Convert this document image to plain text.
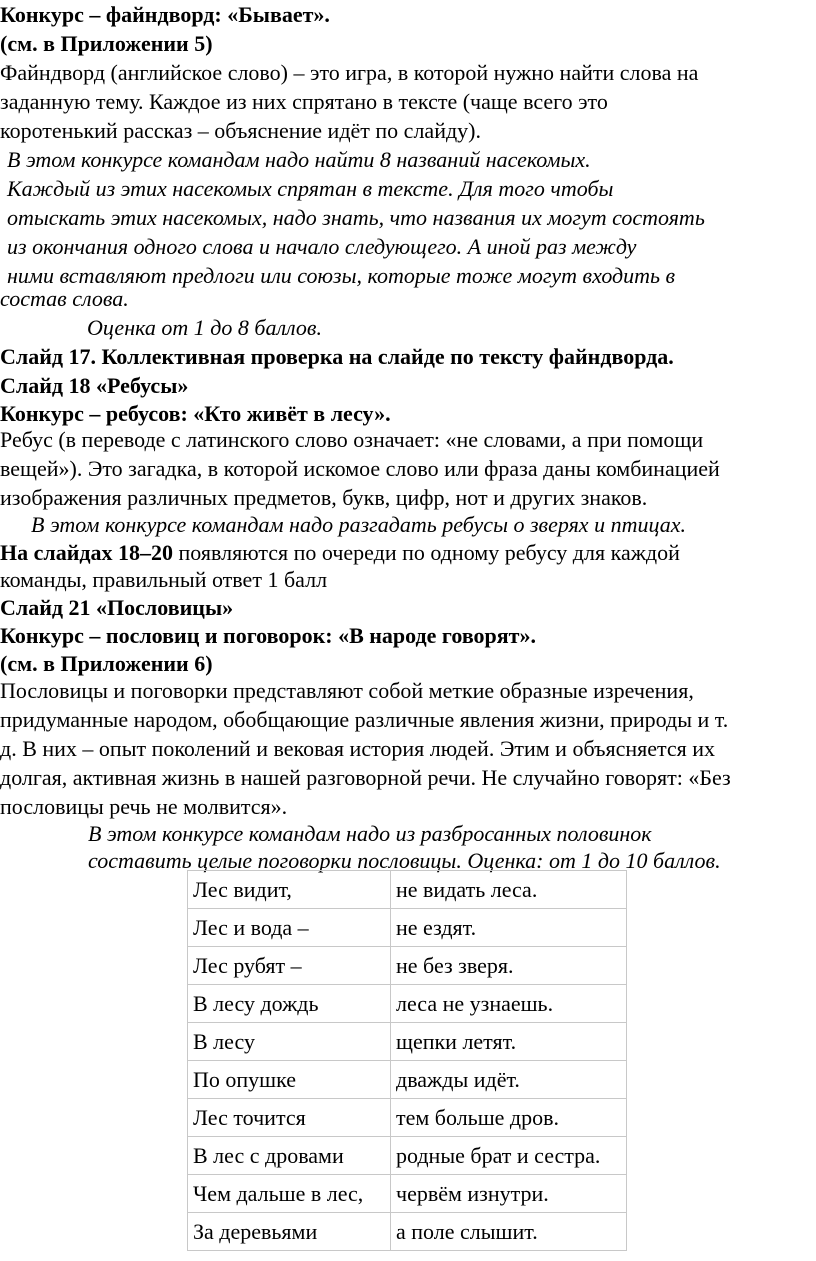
Конкурс – файндворд: «Бывает».
(см. в Приложении 5)
Файндворд (английское слово) – это игра, в которой нужно найти слова на
заданную тему. Каждое из них спрятано в тексте (чаще всего это
коротенький рассказ – объяснение идёт по слайду).
В этом конкурсе командам надо найти 8 названий насекомых.
Каждый из этих насекомых спрятан в тексте. Для того чтобы
отыскать этих насекомых, надо знать, что названия их могут состоять
из окончания одного слова и начало следующего. А иной раз между
ними вставляют предлоги или союзы, которые тоже могут входить в
состав слова.
Оценка от 1 до 8 баллов.
Слайд 17. Коллективная проверка на слайде по тексту файндворда.
Слайд 18 «Ребусы»
Конкурс – ребусов: «Кто живёт в лесу».
Ребус (в переводе с латинского слово означает: «не словами, а при помощи
вещей»). Это загадка, в которой искомое слово или фраза даны комбинацией
изображения различных предметов, букв, цифр, нот и других знаков.
В этом конкурсе командам надо разгадать ребусы о зверях и птицах.
На слайдах 18–20 появляются по очереди по одному ребусу для каждой
команды, правильный ответ 1 балл
Слайд 21 «Пословицы»
Конкурс – пословиц и поговорок: «В народе говорят».
(см. в Приложении 6)
Пословицы и поговорки представляют собой меткие образные изречения,
придуманные народом, обобщающие различные явления жизни, природы и т.
д. В них – опыт поколений и вековая история людей. Этим и объясняется их
долгая, активная жизнь в нашей разговорной речи. Не случайно говорят: «Без
пословицы речь не молвится».
В этом конкурсе командам надо из разбросанных половинок
составить целые поговорки пословицы. Оценка: от 1 до 10 баллов.
Лес видит,	не видать леса.
Лес и вода –	не ездят.
Лес рубят –	не без зверя.
В лесу дождь	леса не узнаешь.
В лесу	щепки летят.
По опушке	дважды идёт.
Лес точится	тем больше дров.
В лес с дровами	родные брат и сестра.
Чем дальше в лес,	червём изнутри.
За деревьями	а поле слышит.
